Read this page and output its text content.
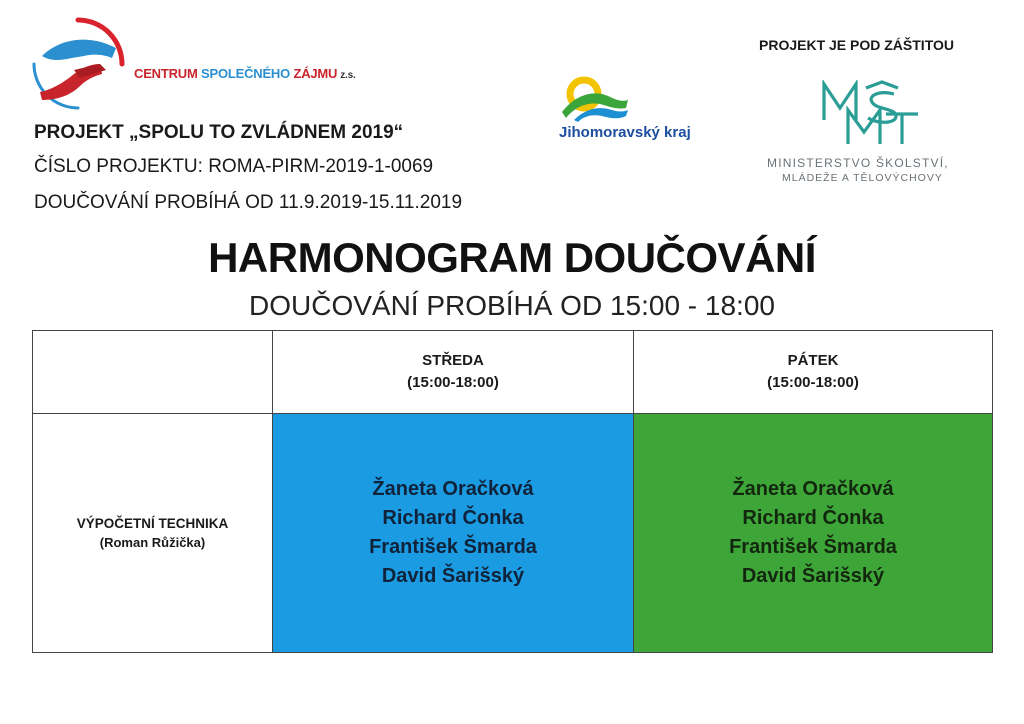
CENTRUM SPOLEČNÉHO ZÁJMU z.s.
PROJEKT „SPOLU TO ZVLÁDNEM 2019“
ČÍSLO PROJEKTU: ROMA-PIRM-2019-1-0069
DOUČOVÁNÍ PROBÍHÁ OD 11.9.2019-15.11.2019
Jihomoravský kraj
PROJEKT JE POD ZÁŠTITOU
MINISTERSTVO ŠKOLSTVÍ,
MLÁDEŽE A TĚLOVÝCHOVY
HARMONOGRAM DOUČOVÁNÍ
DOUČOVÁNÍ PROBÍHÁ OD 15:00 - 18:00
STŘEDA
(15:00-18:00)
PÁTEK
(15:00-18:00)
VÝPOČETNÍ TECHNIKA
(Roman Růžička)
Žaneta Oračková
Richard Čonka
František Šmarda
David Šarišský
Žaneta Oračková
Richard Čonka
František Šmarda
David Šarišský
